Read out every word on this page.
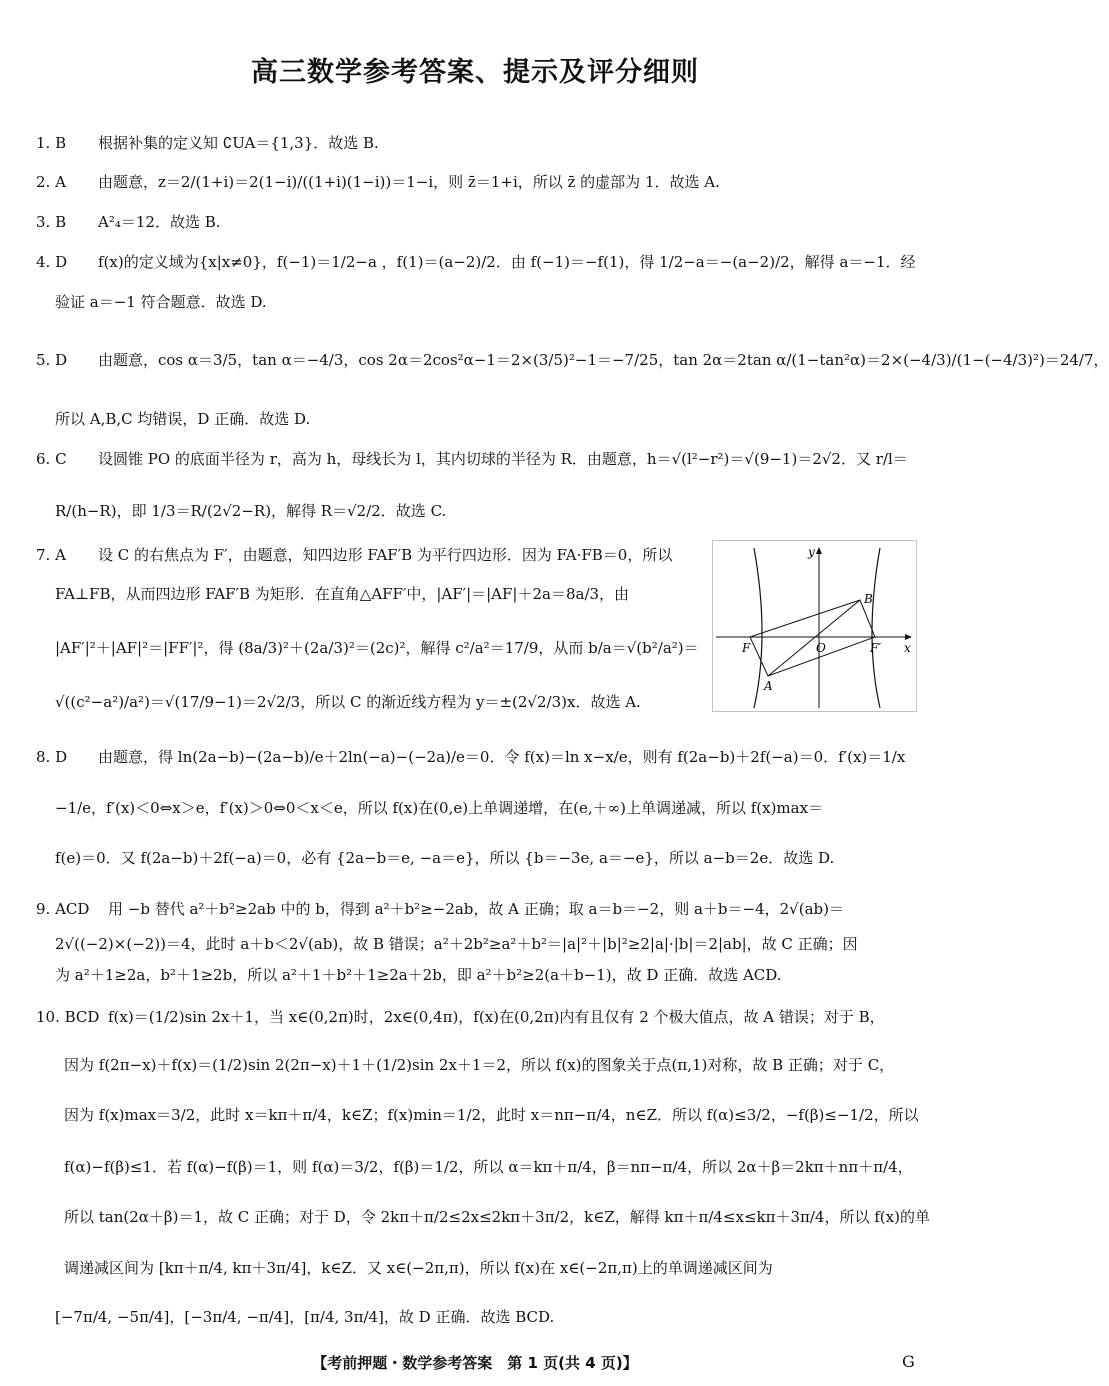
高三数学参考答案、提示及评分细则
1. B 根据补集的定义知 ∁UA＝{1,3}．故选 B.
2. A 由题意，z＝2/(1+i)＝2(1−i)/((1+i)(1−i))＝1−i，则 z̄＝1+i，所以 z̄ 的虚部为 1．故选 A.
3. B A²₄＝12．故选 B.
4. D f(x)的定义域为{x|x≠0}，f(−1)＝1/2−a ，f(1)＝(a−2)/2．由 f(−1)＝−f(1)，得 1/2−a＝−(a−2)/2，解得 a＝−1．经
验证 a＝−1 符合题意．故选 D.
5. D 由题意，cos α＝3/5，tan α＝−4/3，cos 2α＝2cos²α−1＝2×(3/5)²−1＝−7/25，tan 2α＝2tan α/(1−tan²α)＝2×(−4/3)/(1−(−4/3)²)＝24/7，
所以 A,B,C 均错误，D 正确．故选 D.
6. C 设圆锥 PO 的底面半径为 r，高为 h，母线长为 l，其内切球的半径为 R．由题意，h＝√(l²−r²)＝√(9−1)＝2√2．又 r/l＝
R/(h−R)，即 1/3＝R/(2√2−R)，解得 R＝√2/2．故选 C.
7. A 设 C 的右焦点为 F′，由题意，知四边形 FAF′B 为平行四边形．因为 FA·FB＝0，所以
FA⊥FB，从而四边形 FAF′B 为矩形．在直角△AFF′中，|AF′|＝|AF|＋2a＝8a/3，由
|AF′|²＋|AF|²＝|FF′|²，得 (8a/3)²＋(2a/3)²＝(2c)²，解得 c²/a²＝17/9，从而 b/a＝√(b²/a²)＝
√((c²−a²)/a²)＝√(17/9−1)＝2√2/3，所以 C 的渐近线方程为 y＝±(2√2/3)x．故选 A.
y
x
O
F	F′
A
B
8. D 由题意，得 ln(2a−b)−(2a−b)/e＋2ln(−a)−(−2a)/e＝0．令 f(x)＝ln x−x/e，则有 f(2a−b)＋2f(−a)＝0．f′(x)＝1/x
−1/e，f′(x)＜0⇔x＞e，f′(x)＞0⇔0＜x＜e，所以 f(x)在(0,e)上单调递增，在(e,＋∞)上单调递减，所以 f(x)max＝
f(e)＝0．又 f(2a−b)＋2f(−a)＝0，必有 {2a−b＝e, −a＝e}，所以 {b＝−3e, a＝−e}，所以 a−b＝2e．故选 D.
9. ACD 用 −b 替代 a²＋b²≥2ab 中的 b，得到 a²＋b²≥−2ab，故 A 正确；取 a＝b＝−2，则 a＋b＝−4，2√(ab)＝
2√((−2)×(−2))＝4，此时 a＋b＜2√(ab)，故 B 错误；a²＋2b²≥a²＋b²＝|a|²＋|b|²≥2|a|·|b|＝2|ab|，故 C 正确；因
为 a²＋1≥2a，b²＋1≥2b，所以 a²＋1＋b²＋1≥2a＋2b，即 a²＋b²≥2(a＋b−1)，故 D 正确．故选 ACD.
10. BCD f(x)＝(1/2)sin 2x＋1，当 x∈(0,2π)时，2x∈(0,4π)，f(x)在(0,2π)内有且仅有 2 个极大值点，故 A 错误；对于 B，
因为 f(2π−x)＋f(x)＝(1/2)sin 2(2π−x)＋1＋(1/2)sin 2x＋1＝2，所以 f(x)的图象关于点(π,1)对称，故 B 正确；对于 C，
因为 f(x)max＝3/2，此时 x＝kπ＋π/4，k∈Z；f(x)min＝1/2，此时 x＝nπ−π/4，n∈Z．所以 f(α)≤3/2，−f(β)≤−1/2，所以
f(α)−f(β)≤1．若 f(α)−f(β)＝1，则 f(α)＝3/2，f(β)＝1/2，所以 α＝kπ＋π/4，β＝nπ−π/4，所以 2α＋β＝2kπ＋nπ＋π/4，
所以 tan(2α＋β)＝1，故 C 正确；对于 D，令 2kπ＋π/2≤2x≤2kπ＋3π/2，k∈Z，解得 kπ＋π/4≤x≤kπ＋3π/4，所以 f(x)的单
调递减区间为 [kπ＋π/4, kπ＋3π/4]，k∈Z．又 x∈(−2π,π)，所以 f(x)在 x∈(−2π,π)上的单调递减区间为
[−7π/4, −5π/4]，[−3π/4, −π/4]，[π/4, 3π/4]，故 D 正确．故选 BCD.
【考前押题・数学参考答案　第 1 页(共 4 页)】	G
